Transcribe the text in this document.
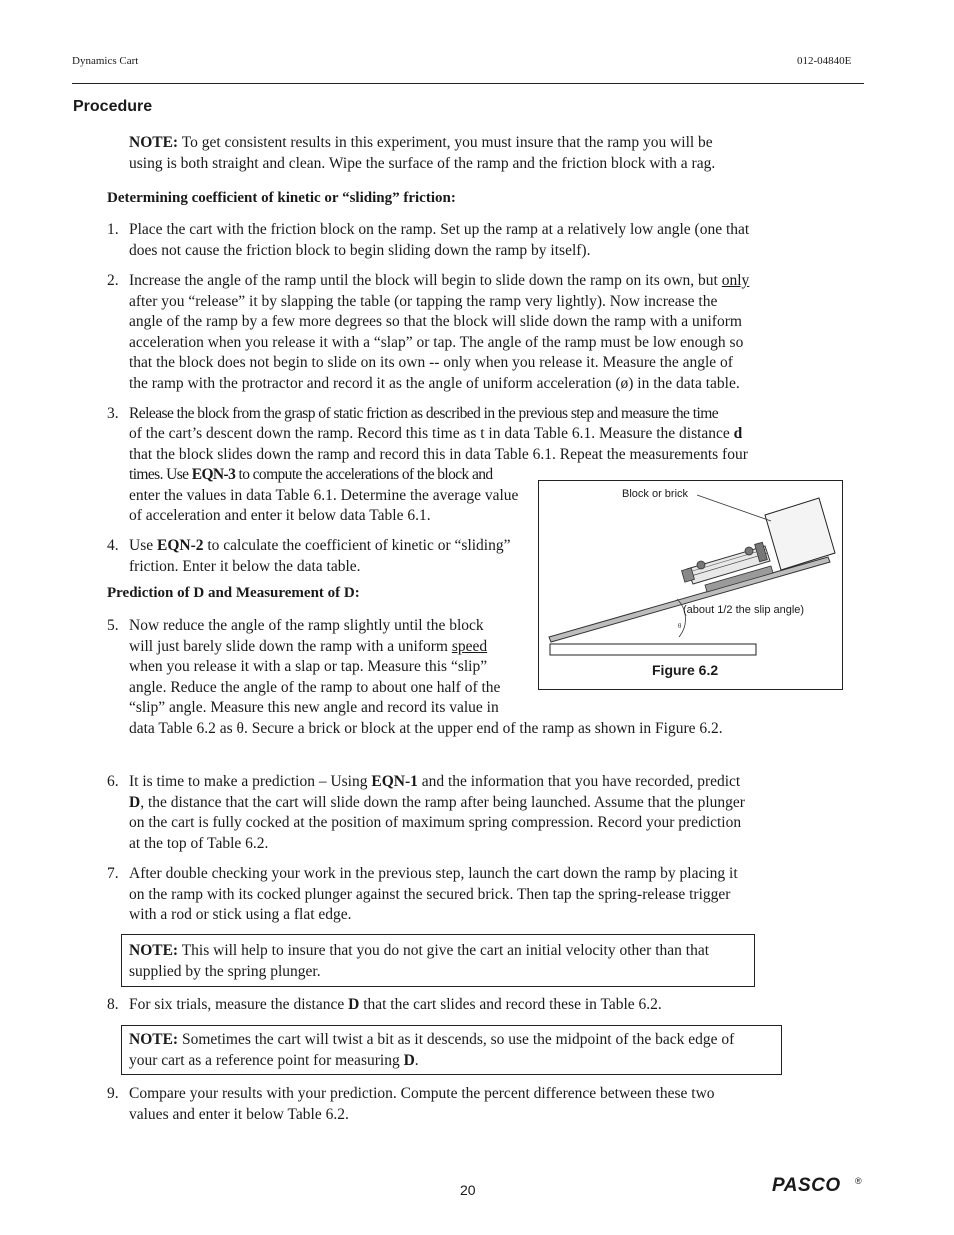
Dynamics Cart	012-04840E
Procedure
NOTE: To get consistent results in this experiment, you must insure that the ramp you will be
using is both straight and clean. Wipe the surface of the ramp and the friction block with a rag.
Determining coefficient of kinetic or “sliding” friction:
1. Place the cart with the friction block on the ramp. Set up the ramp at a relatively low angle (one that
does not cause the friction block to begin sliding down the ramp by itself).
2. Increase the angle of the ramp until the block will begin to slide down the ramp on its own, but only
after you “release” it by slapping the table (or tapping the ramp very lightly). Now increase the
angle of the ramp by a few more degrees so that the block will slide down the ramp with a uniform
acceleration when you release it with a “slap” or tap. The angle of the ramp must be low enough so
that the block does not begin to slide on its own -- only when you release it. Measure the angle of
the ramp with the protractor and record it as the angle of uniform acceleration (ø) in the data table.
3. Release the block from the grasp of static friction as described in the previous step and measure the time
of the cart’s descent down the ramp. Record this time as t in data Table 6.1. Measure the distance d
that the block slides down the ramp and record this in data Table 6.1. Repeat the measurements four
times. Use EQN-3 to compute the accelerations of the block and
enter the values in data Table 6.1. Determine the average value
of acceleration and enter it below data Table 6.1.
4. Use EQN-2 to calculate the coefficient of kinetic or “sliding”
friction. Enter it below the data table.
Prediction of D and Measurement of D:
5. Now reduce the angle of the ramp slightly until the block
will just barely slide down the ramp with a uniform speed
when you release it with a slap or tap. Measure this “slip”
angle. Reduce the angle of the ramp to about one half of the
“slip” angle. Measure this new angle and record its value in
data Table 6.2 as θ. Secure a brick or block at the upper end of the ramp as shown in Figure 6.2.
θ
Block or brick
(about 1/2 the slip angle)
Figure 6.2
6. It is time to make a prediction – Using EQN-1 and the information that you have recorded, predict
D, the distance that the cart will slide down the ramp after being launched. Assume that the plunger
on the cart is fully cocked at the position of maximum spring compression. Record your prediction
at the top of Table 6.2.
7. After double checking your work in the previous step, launch the cart down the ramp by placing it
on the ramp with its cocked plunger against the secured brick. Then tap the spring-release trigger
with a rod or stick using a flat edge.
NOTE: This will help to insure that you do not give the cart an initial velocity other than that
supplied by the spring plunger.
8. For six trials, measure the distance D that the cart slides and record these in Table 6.2.
NOTE: Sometimes the cart will twist a bit as it descends, so use the midpoint of the back edge of
your cart as a reference point for measuring D.
9. Compare your results with your prediction. Compute the percent difference between these two
values and enter it below Table 6.2.
20	PASCO ®
